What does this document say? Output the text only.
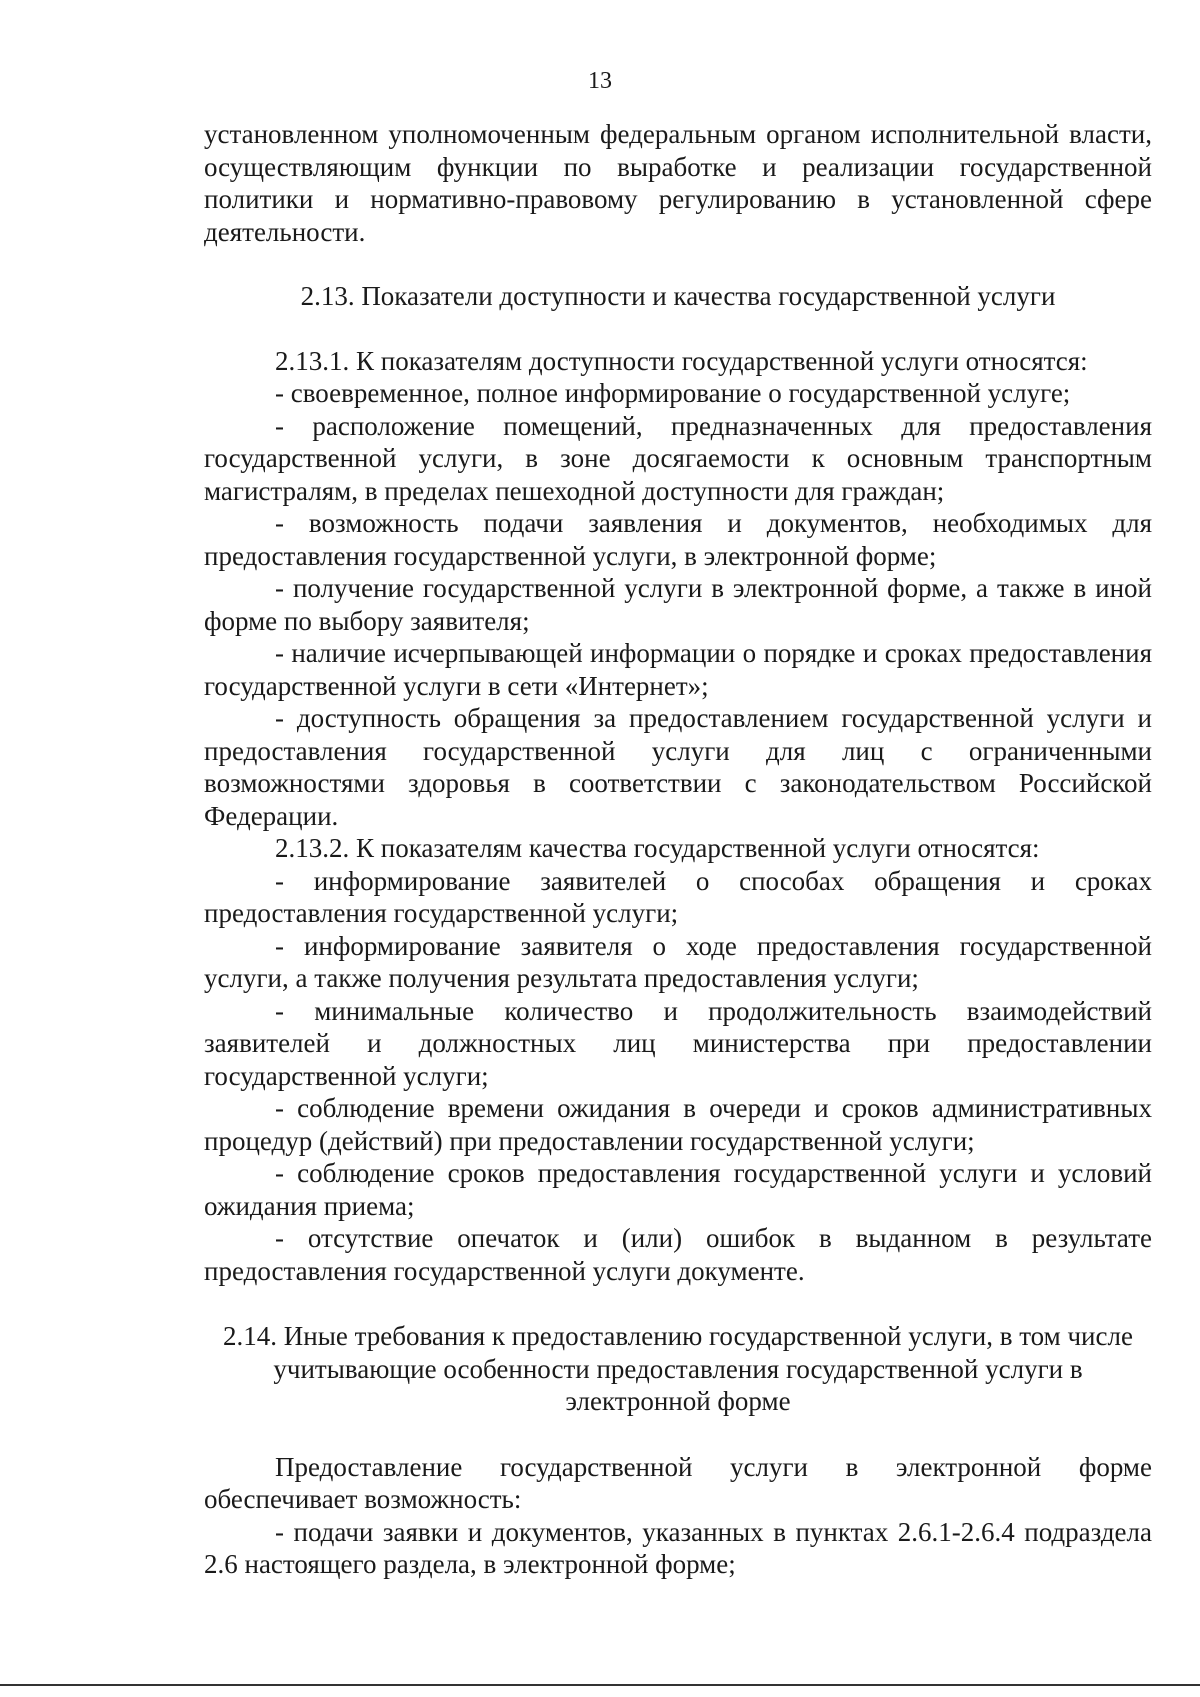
13

установленном уполномоченным федеральным органом исполнительной власти, осуществляющим функции по выработке и реализации государственной политики и нормативно-правовому регулированию в установленной сфере деятельности.

2.13. Показатели доступности и качества государственной услуги

2.13.1. К показателям доступности государственной услуги относятся:

- своевременное, полное информирование о государственной услуге;

- расположение помещений, предназначенных для предоставления государственной услуги, в зоне досягаемости к основным транспортным магистралям, в пределах пешеходной доступности для граждан;

- возможность подачи заявления и документов, необходимых для предоставления государственной услуги, в электронной форме;

- получение государственной услуги в электронной форме, а также в иной форме по выбору заявителя;

- наличие исчерпывающей информации о порядке и сроках предоставления государственной услуги в сети «Интернет»;

- доступность обращения за предоставлением государственной услуги и предоставления государственной услуги для лиц с ограниченными возможностями здоровья в соответствии с законодательством Российской Федерации.

2.13.2. К показателям качества государственной услуги относятся:

- информирование заявителей о способах обращения и сроках предоставления государственной услуги;

- информирование заявителя о ходе предоставления государственной услуги, а также получения результата предоставления услуги;

- минимальные количество и продолжительность взаимодействий заявителей и должностных лиц министерства при предоставлении государственной услуги;

- соблюдение времени ожидания в очереди и сроков административных процедур (действий) при предоставлении государственной услуги;

- соблюдение сроков предоставления государственной услуги и условий ожидания приема;

- отсутствие опечаток и (или) ошибок в выданном в результате предоставления государственной услуги документе.

2.14. Иные требования к предоставлению государственной услуги, в том числе учитывающие особенности предоставления государственной услуги в электронной форме

Предоставление государственной услуги в электронной форме обеспечивает возможность:

- подачи заявки и документов, указанных в пунктах 2.6.1-2.6.4 подраздела 2.6 настоящего раздела, в электронной форме;
